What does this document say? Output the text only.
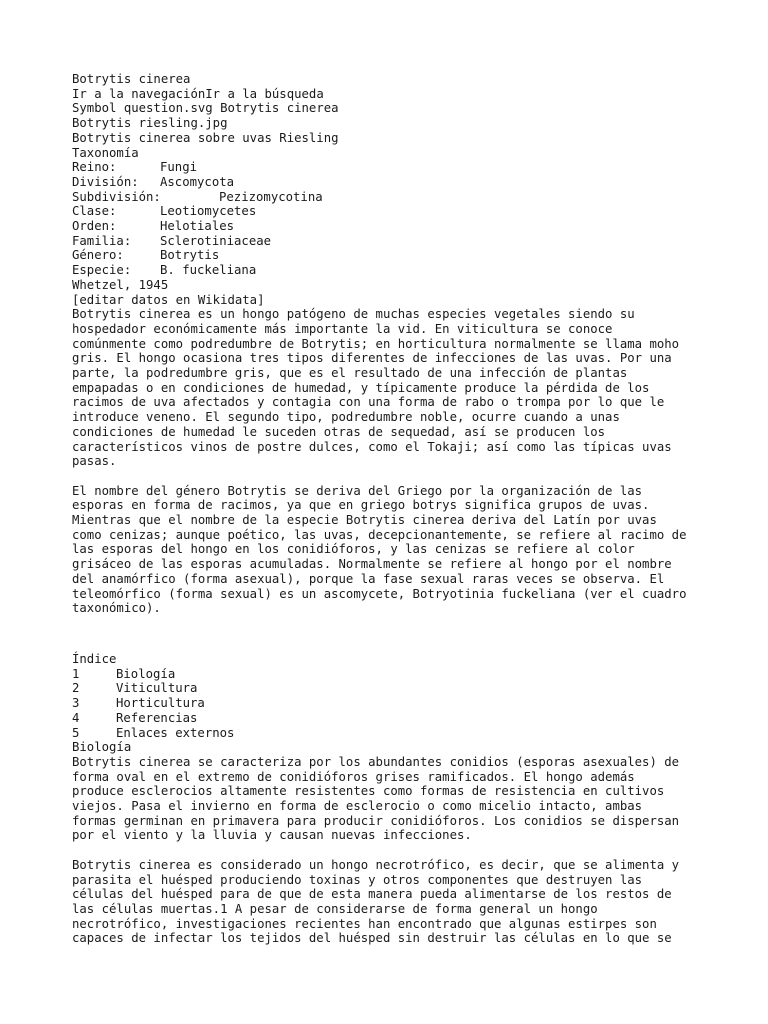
Botrytis cinerea
Ir a la navegaciónIr a la búsqueda
Symbol question.svg Botrytis cinerea
Botrytis riesling.jpg
Botrytis cinerea sobre uvas Riesling
Taxonomía
Reino:	Fungi
División: Ascomycota
Subdivisión:	Pezizomycotina
Clase:	Leotiomycetes
Orden:	Helotiales
Familia: Sclerotiniaceae
Género:	Botrytis
Especie: B. fuckeliana
Whetzel, 1945
[editar datos en Wikidata]
Botrytis cinerea es un hongo patógeno de muchas especies vegetales siendo su
hospedador económicamente más importante la vid. En viticultura se conoce
comúnmente como podredumbre de Botrytis; en horticultura normalmente se llama moho
gris. El hongo ocasiona tres tipos diferentes de infecciones de las uvas. Por una
parte, la podredumbre gris, que es el resultado de una infección de plantas
empapadas o en condiciones de humedad, y típicamente produce la pérdida de los
racimos de uva afectados y contagia con una forma de rabo o trompa por lo que le
introduce veneno. El segundo tipo, podredumbre noble, ocurre cuando a unas
condiciones de humedad le suceden otras de sequedad, así se producen los
característicos vinos de postre dulces, como el Tokaji; así como las típicas uvas
pasas.
El nombre del género Botrytis se deriva del Griego por la organización de las
esporas en forma de racimos, ya que en griego botrys significa grupos de uvas.
Mientras que el nombre de la especie Botrytis cinerea deriva del Latín por uvas
como cenizas; aunque poético, las uvas, decepcionantemente, se refiere al racimo de
las esporas del hongo en los conidióforos, y las cenizas se refiere al color
grisáceo de las esporas acumuladas. Normalmente se refiere al hongo por el nombre
del anamórfico (forma asexual), porque la fase sexual raras veces se observa. El
teleomórfico (forma sexual) es un ascomycete, Botryotinia fuckeliana (ver el cuadro
taxonómico).
Índice
1	Biología
2	Viticultura
3	Horticultura
4	Referencias
5	Enlaces externos
Biología
Botrytis cinerea se caracteriza por los abundantes conidios (esporas asexuales) de
forma oval en el extremo de conidióforos grises ramificados. El hongo además
produce esclerocios altamente resistentes como formas de resistencia en cultivos
viejos. Pasa el invierno en forma de esclerocio o como micelio intacto, ambas
formas germinan en primavera para producir conidióforos. Los conidios se dispersan
por el viento y la lluvia y causan nuevas infecciones.
Botrytis cinerea es considerado un hongo necrotrófico, es decir, que se alimenta y
parasita el huésped produciendo toxinas y otros componentes que destruyen las
células del huésped para de que de esta manera pueda alimentarse de los restos de
las células muertas.1 A pesar de considerarse de forma general un hongo
necrotrófico, investigaciones recientes han encontrado que algunas estirpes son
capaces de infectar los tejidos del huésped sin destruir las células en lo que se
